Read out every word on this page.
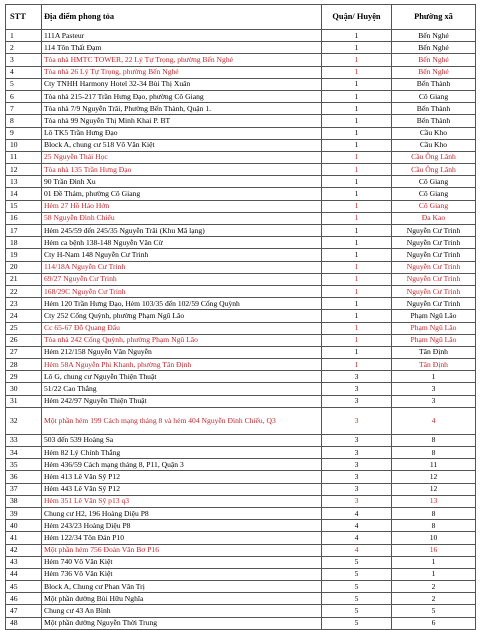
STT	Địa điểm phong tỏa	Quận/ Huyện	Phường xã
1	111A Pasteur	1	Bến Nghé
2	114 Tôn Thất Đạm	1	Bến Nghé
3	Tòa nhà HMTC TOWER, 22 Lý Tự Trọng, phường Bến Nghé	1	Bến Nghé
4	Tòa nhà 26 Lý Tự Trọng, phường Bến Nghé	1	Bến Nghé
5	Cty TNHH Harmony Hotel 32-34 Bùi Thị Xuân	1	Bến Thành
6	Tòa nhà 215-217 Trần Hưng Đạo, phường Cô Giang	1	Cô Giang
7	Tòa nhà 7/9 Nguyễn Trãi, Phường Bến Thành, Quận 1.	1	Bến Thành
8	Tòa nhà 99 Nguyễn Thị Minh Khai P. BT	1	Bến Thành
9	Lô TK5 Trần Hưng Đạo	1	Cầu Kho
10	Block A, chung cư 518 Võ Văn Kiệt	1	Cầu Kho
11	25 Nguyễn Thái Học	1	Cầu Ông Lãnh
12	Tòa nhà 135 Trần Hưng Đạo	1	Cầu Ông Lãnh
13	90 Trần Đình Xu	1	Cô Giang
14	01 Đề Thám, phường Cô Giang	1	Cô Giang
15	Hẻm 27 Hồ Hảo Hớn	1	Cô Giang
16	58 Nguyễn Đình Chiểu	1	Đa Kao
17	Hẻm 245/59 đến 245/35 Nguyễn Trãi (Khu Mã lạng)	1	Nguyễn Cư Trinh
18	Hẻm ca bệnh 138-148 Nguyễn Văn Cừ	1	Nguyễn Cư Trinh
19	Cty H-Nam 148 Nguyễn Cư Trinh	1	Nguyễn Cư Trinh
20	114/18A Nguyễn Cư Trinh	1	Nguyễn Cư Trinh
21	69/27 Nguyễn Cư Trinh	1	Nguyễn Cư Trinh
22	168/29C Nguyễn Cư Trinh	1	Nguyễn Cư Trinh
23	Hẻm 120 Trần Hưng Đạo, Hẻm 103/35 đến 102/59 Cống Quỳnh	1	Nguyễn Cư Trinh
24	Cty 252 Cống Quỳnh, phường Phạm Ngũ Lão	1	Phạm Ngũ Lão
25	Cc 65-67 Đỗ Quang Đẩu	1	Phạm Ngũ Lão
26	Tòa nhà 242 Cống Quỳnh, phường Phạm Ngũ Lão	1	Phạm Ngũ Lão
27	Hẻm 212/158 Nguyễn Văn Nguyễn	1	Tân Định
28	Hẻm 58A Nguyễn Phi Khanh, phường Tân Định	1	Tân Định
29	Lô G, chung cư Nguyễn Thiện Thuật	3	1
30	51/22 Cao Thắng	3	3
31	Hẻm 242/97 Nguyễn Thiện Thuật	3	3
32	Một phần hẻm 199 Cách mạng tháng 8 và hẻm 404 Nguyễn Đình Chiểu, Q3	3	4
33	503 đến 539 Hoàng Sa	3	8
34	Hẻm 82 Lý Chính Thắng	3	8
35	Hẻm 436/59 Cách mạng tháng 8, P11, Quận 3	3	11
36	Hẻm 413 Lê Văn Sỹ P12	3	12
37	Hẻm 443 Lê Văn Sỹ P12	3	12
38	Hẻm 351 Lê Văn Sỹ p13 q3	3	13
39	Chung cư H2, 196 Hoàng Diệu P8	4	8
40	Hẻm 243/23 Hoàng Diệu P8	4	8
41	Hẻm 122/34 Tôn Đản P10	4	10
42	Một phần hẻm 756 Đoàn Văn Bơ P16	4	16
43	Hẻm 740 Võ Văn Kiệt	5	1
44	Hẻm 736 Võ Văn Kiệt	5	1
45	Block A, Chung cư Phan Văn Trị	5	2
46	Một phần đường Bùi Hữu Nghĩa	5	2
47	Chung cư 43 An Bình	5	5
48	Một phần đường Nguyễn Thời Trung	5	6
